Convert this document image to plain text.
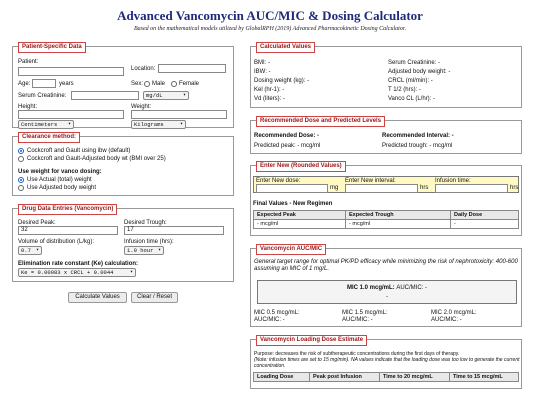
Advanced Vancomycin AUC/MIC & Dosing Calculator
Based on the mathematical models utilized by GlobalRPH (2019) Advanced Pharmacokinetic Dosing Calculator.
Patient-Specific Data
Patient:
Location:
Age:	years	Sex: Male Female
Serum Creatinine:	mg/dL	▾
Height:	Weight:
Centimeters ▾	Kilograms	▾
Clearance method:
Cockcroft and Gault using ibw (default)
Cockcroft and Gault-Adjusted body wt (BMI over 25)
Use weight for vanco dosing:
Use Actual (total) weight
Use Adjusted body weight
Drug Data Entries (Vancomycin)
Desired Peak:
32
Desired Trough:
17
Volume of distribution (L/kg):
0.7 ▾
Infusion time (hrs):
1.0 hour ▾
Elimination rate constant (Ke) calculation:
Ke = 0.00083 x CRCL + 0.0044	▾
Calculate Values	Clear / Reset
Calculated Values
BMI: -
IBW: -
Dosing weight (kg): -
Kel (hr-1): -
Vd (liters): -
Serum Creatinine: -
Adjusted body weight: -
CRCL (ml/min): -
T 1/2 (hrs): -
Vanco CL (L/hr): -
Recommended Dose and Predicted Levels
Recommended Dose: -	Recommended Interval: -
Predicted peak: - mcg/ml	Predicted trough: - mcg/ml
Enter New (Rounded Values)
Enter New dose:
mg
Enter New interval:
hrs
Infusion time:
hrs
Final Values - New Regimen
Expected Peak	Expected Trough	Daily Dose
- mcg/ml	- mcg/ml	-
Vancomycin AUC/MIC
General target range for optimal PK/PD efficacy while minimizing the risk of nephrotoxicity: 400-600 assuming an MIC of 1 mg/L.
MIC 1.0 mcg/mL: AUC/MIC: -
-
MIC 0.5 mcg/mL:
AUC/MIC: -
MIC 1.5 mcg/mL:
AUC/MIC: -
MIC 2.0 mcg/mL:
AUC/MIC: -
Vancomycin Loading Dose Estimate
Purpose: decreases the risk of subtherapeutic concentrations during the first days of therapy.
(Note: infusion times are set to 15 mg/min). NA values indicate that the loading dose was too low to generate the current concentration.
Loading Dose	Peak post Infusion	Time to 20 mcg/mL	Time to 15 mcg/mL
